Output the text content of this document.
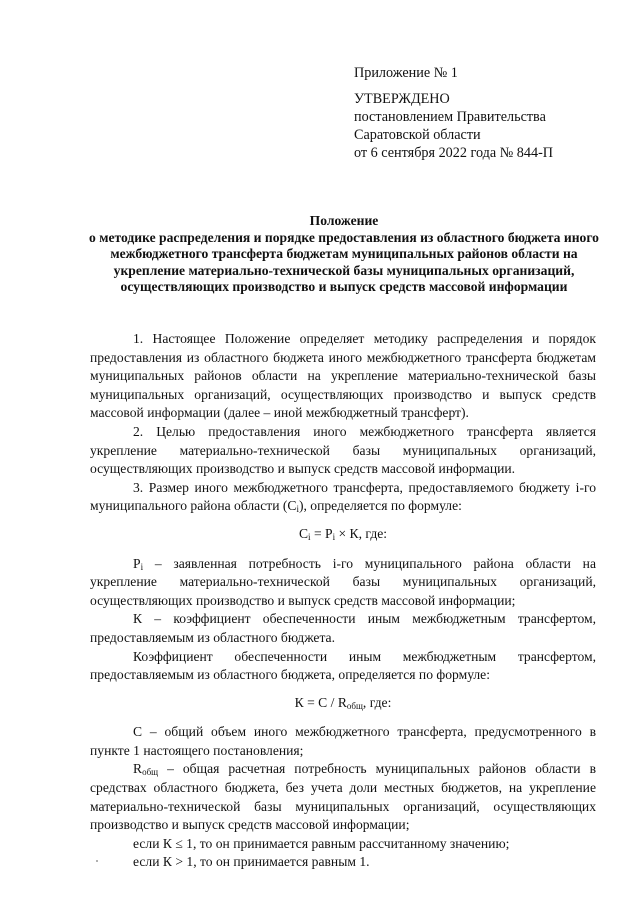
Приложение № 1
УТВЕРЖДЕНО
постановлением Правительства
Саратовской области
от 6 сентября 2022 года № 844-П
Положение
о методике распределения и порядке предоставления из областного бюджета иного межбюджетного трансферта бюджетам муниципальных районов области на укрепление материально-технической базы муниципальных организаций, осуществляющих производство и выпуск средств массовой информации

1. Настоящее Положение определяет методику распределения и порядок предоставления из областного бюджета иного межбюджетного трансферта бюджетам муниципальных районов области на укрепление материально-технической базы муниципальных организаций, осуществляющих производство и выпуск средств массовой информации (далее – иной межбюджетный трансферт).

2. Целью предоставления иного межбюджетного трансферта является укрепление материально-технической базы муниципальных организаций, осуществляющих производство и выпуск средств массовой информации.

3. Размер иного межбюджетного трансферта, предоставляемого бюджету i-го муниципального района области $(С_i)$, определяется по формуле:

$С_i = Р_i \times К$, где:

$Р_i$ – заявленная потребность i-го муниципального района области на укрепление материально-технической базы муниципальных организаций, осуществляющих производство и выпуск средств массовой информации;

К – коэффициент обеспеченности иным межбюджетным трансфертом, предоставляемым из областного бюджета.

Коэффициент обеспеченности иным межбюджетным трансфертом, предоставляемым из областного бюджета, определяется по формуле:

$К = С / R_{общ}$, где:

С – общий объем иного межбюджетного трансферта, предусмотренного в пункте 1 настоящего постановления;

$R_{общ}$ – общая расчетная потребность муниципальных районов области в средствах областного бюджета, без учета доли местных бюджетов, на укрепление материально-технической базы муниципальных организаций, осуществляющих производство и выпуск средств массовой информации;

если К ≤ 1, то он принимается равным рассчитанному значению;

если К > 1, то он принимается равным 1.
